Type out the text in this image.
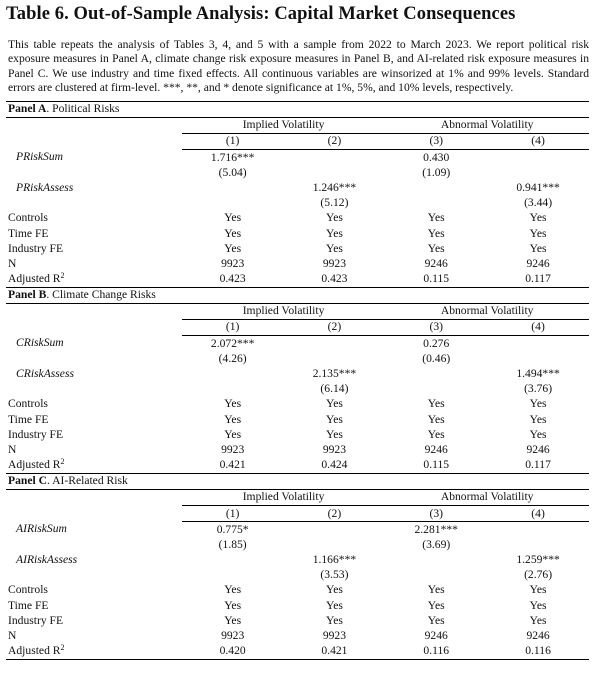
Table 6. Out-of-Sample Analysis: Capital Market Consequences

This table repeats the analysis of Tables 3, 4, and 5 with a sample from 2022 to March 2023. We report political risk exposure measures in Panel A, climate change risk exposure measures in Panel B, and AI-related risk exposure measures in Panel C. We use industry and time fixed effects. All continuous variables are winsorized at 1% and 99% levels. Standard errors are clustered at firm-level. ***, **, and * denote significance at 1%, 5%, and 10% levels, respectively.

Panel A. Political Risks				
	Implied Volatility		Abnormal Volatility	
	(1)	(2)	(3)	(4)
PRiskSum	1.716***		0.430	
	(5.04)		(1.09)	
PRiskAssess		1.246***		0.941***
		(5.12)		(3.44)
Controls	Yes	Yes	Yes	Yes
Time FE	Yes	Yes	Yes	Yes
Industry FE	Yes	Yes	Yes	Yes
N	9923	9923	9246	9246
Adjusted $R^2$	0.423	0.423	0.115	0.117
Panel B. Climate Change Risks				
	Implied Volatility		Abnormal Volatility	
	(1)	(2)	(3)	(4)
CRiskSum	2.072***		0.276	
	(4.26)		(0.46)	
CRiskAssess		2.135***		1.494***
		(6.14)		(3.76)
Controls	Yes	Yes	Yes	Yes
Time FE	Yes	Yes	Yes	Yes
Industry FE	Yes	Yes	Yes	Yes
N	9923	9923	9246	9246
Adjusted $R^2$	0.421	0.424	0.115	0.117
Panel C. AI-Related Risk				
	Implied Volatility		Abnormal Volatility	
	(1)	(2)	(3)	(4)
AIRiskSum	0.775*		2.281***	
	(1.85)		(3.69)	
AIRiskAssess		1.166***		1.259***
		(3.53)		(2.76)
Controls	Yes	Yes	Yes	Yes
Time FE	Yes	Yes	Yes	Yes
Industry FE	Yes	Yes	Yes	Yes
N	9923	9923	9246	9246
Adjusted $R^2$	0.420	0.421	0.116	0.116
